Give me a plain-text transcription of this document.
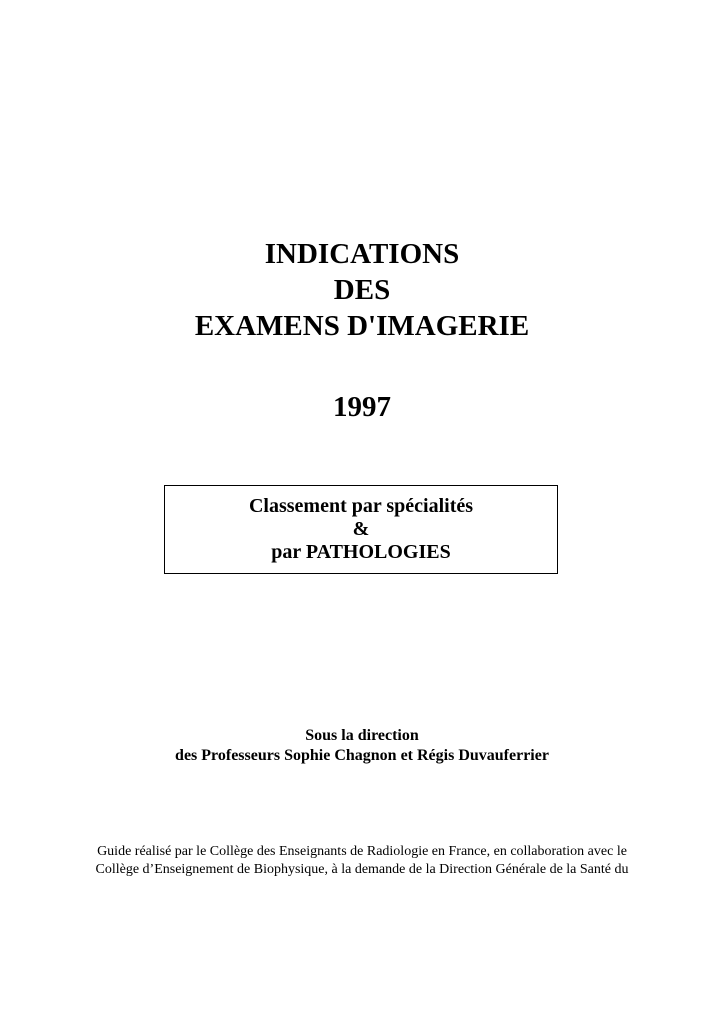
INDICATIONS
DES
EXAMENS D'IMAGERIE
1997
Classement par spécialités
&
par PATHOLOGIES
Sous la direction
des Professeurs Sophie Chagnon et Régis Duvauferrier
Guide réalisé par le Collège des Enseignants de Radiologie en France, en collaboration avec le
Collège d’Enseignement de Biophysique, à la demande de la Direction Générale de la Santé du
